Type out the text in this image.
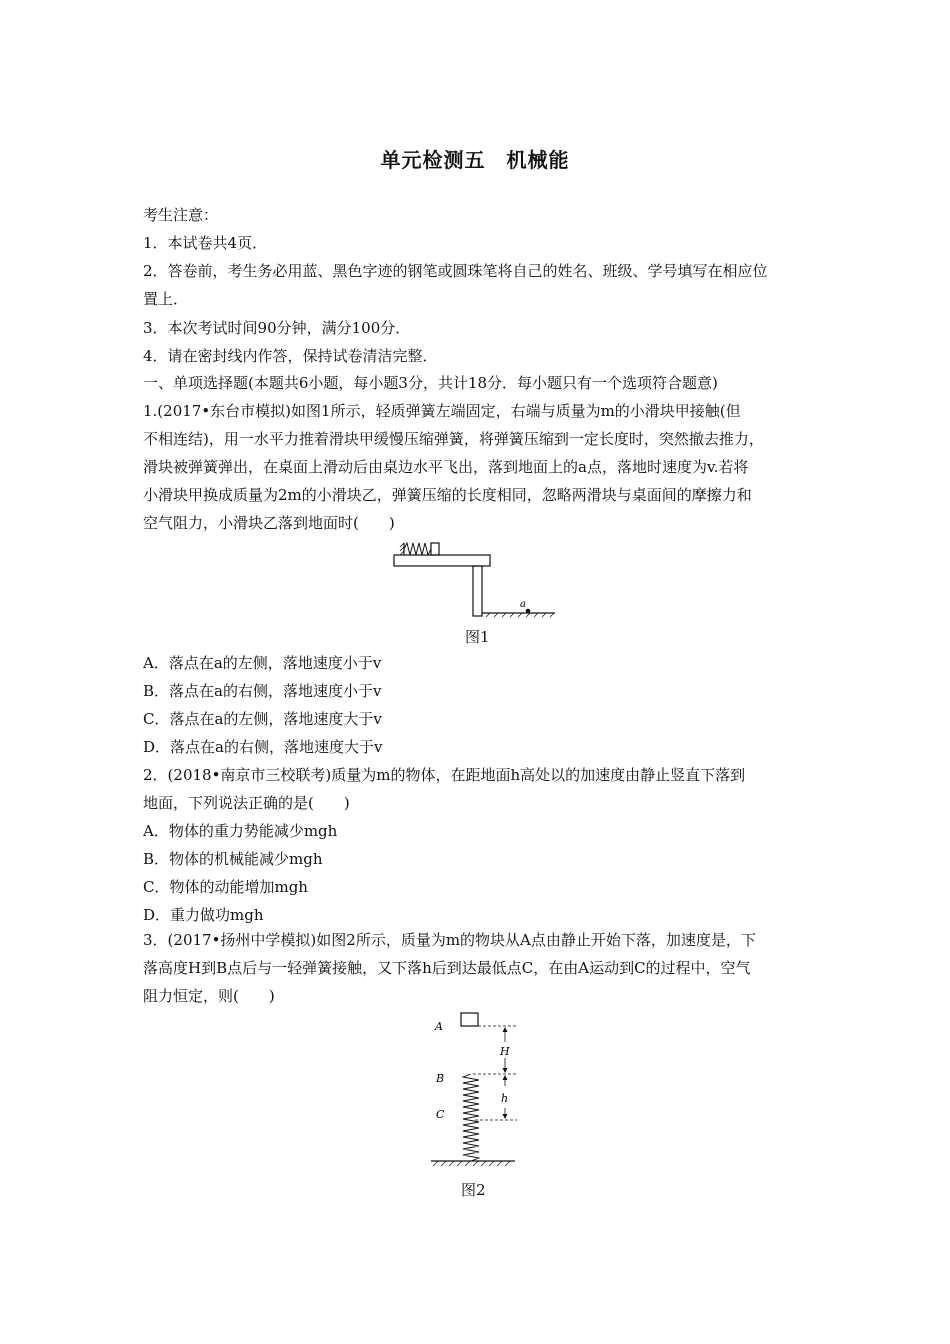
单元检测五　机械能
考生注意：
1．本试卷共4页．
2．答卷前，考生务必用蓝、黑色字迹的钢笔或圆珠笔将自己的姓名、班级、学号填写在相应位
置上．
3．本次考试时间90分钟，满分100分．
4．请在密封线内作答，保持试卷清洁完整．
一、单项选择题(本题共6小题，每小题3分，共计18分．每小题只有一个选项符合题意)
1.(2017•东台市模拟)如图1所示，轻质弹簧左端固定，右端与质量为m的小滑块甲接触(但
不相连结)，用一水平力推着滑块甲缓慢压缩弹簧，将弹簧压缩到一定长度时，突然撤去推力，
滑块被弹簧弹出，在桌面上滑动后由桌边水平飞出，落到地面上的a点，落地时速度为v.若将
小滑块甲换成质量为2m的小滑块乙，弹簧压缩的长度相同，忽略两滑块与桌面间的摩擦力和
空气阻力，小滑块乙落到地面时(　　)
a
图1
A．落点在a的左侧，落地速度小于v
B．落点在a的右侧，落地速度小于v
C．落点在a的左侧，落地速度大于v
D．落点在a的右侧，落地速度大于v
2．(2018•南京市三校联考)质量为m的物体，在距地面h高处以的加速度由静止竖直下落到
地面，下列说法正确的是(　　)
A．物体的重力势能减少mgh
B．物体的机械能减少mgh
C．物体的动能增加mgh
D．重力做功mgh
3．(2017•扬州中学模拟)如图2所示，质量为m的物块从A点由静止开始下落，加速度是，下
落高度H到B点后与一轻弹簧接触，又下落h后到达最低点C，在由A运动到C的过程中，空气
阻力恒定，则(　　)
A
B
C
H
h
图2
